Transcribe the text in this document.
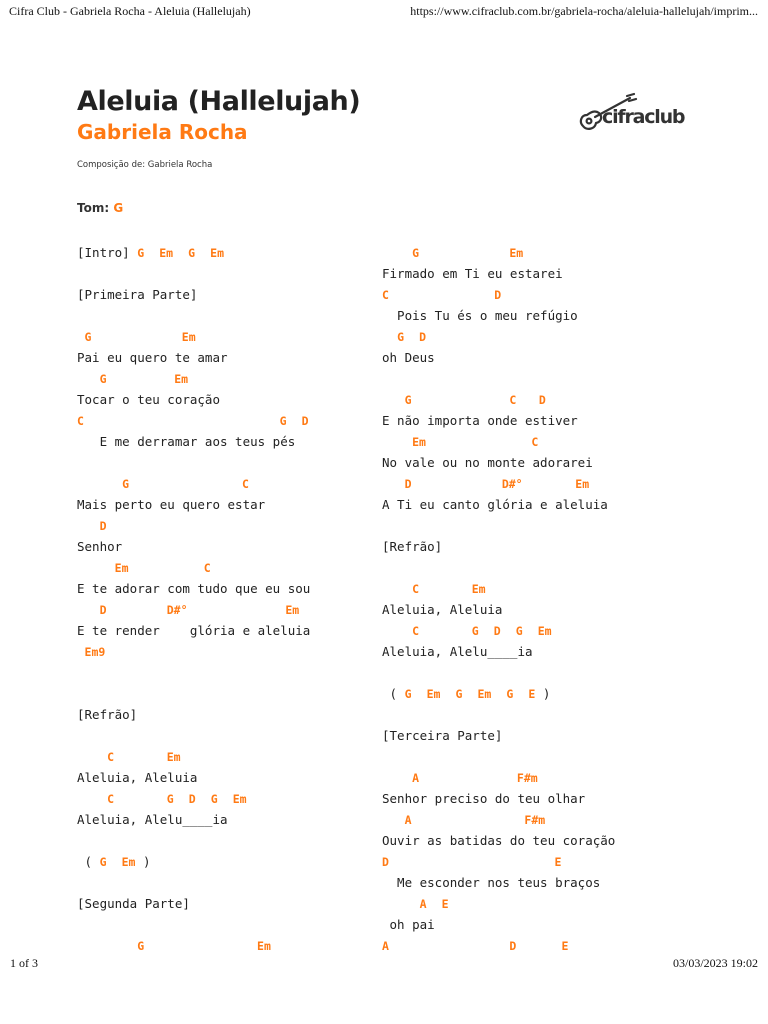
Cifra Club - Gabriela Rocha - Aleluia (Hallelujah)	https://www.cifraclub.com.br/gabriela-rocha/aleluia-hallelujah/imprim...
Aleluia (Hallelujah)
Gabriela Rocha
Composição de: Gabriela Rocha
Tom: G
cifraclub
[Intro] G Em G Em
[Primeira Parte]
G	Em
Pai eu quero te amar
G	Em
Tocar o teu coração
C	G D
E me derramar aos teus pés
G	C
Mais perto eu quero estar
D
Senhor
Em	C
E te adorar com tudo que eu sou
D	D#°	Em
E te render    glória e aleluia
Em9
[Refrão]
C	Em
Aleluia, Aleluia
C	G D G Em
Aleluia, Alelu____ia
( G Em )
[Segunda Parte]
G	Em
G	Em
Firmado em Ti eu estarei
C	D
Pois Tu és o meu refúgio
G D
oh Deus
G	C D
E não importa onde estiver
Em	C
No vale ou no monte adorarei
D	D#°	Em
A Ti eu canto glória e aleluia
[Refrão]
C	Em
Aleluia, Aleluia
C	G D G Em
Aleluia, Alelu____ia
( G Em G Em G E )
[Terceira Parte]
A	F#m
Senhor preciso do teu olhar
A	F#m
Ouvir as batidas do teu coração
D	E
Me esconder nos teus braços
A E
oh pai
A	D	E
1 of 3	03/03/2023 19:02
